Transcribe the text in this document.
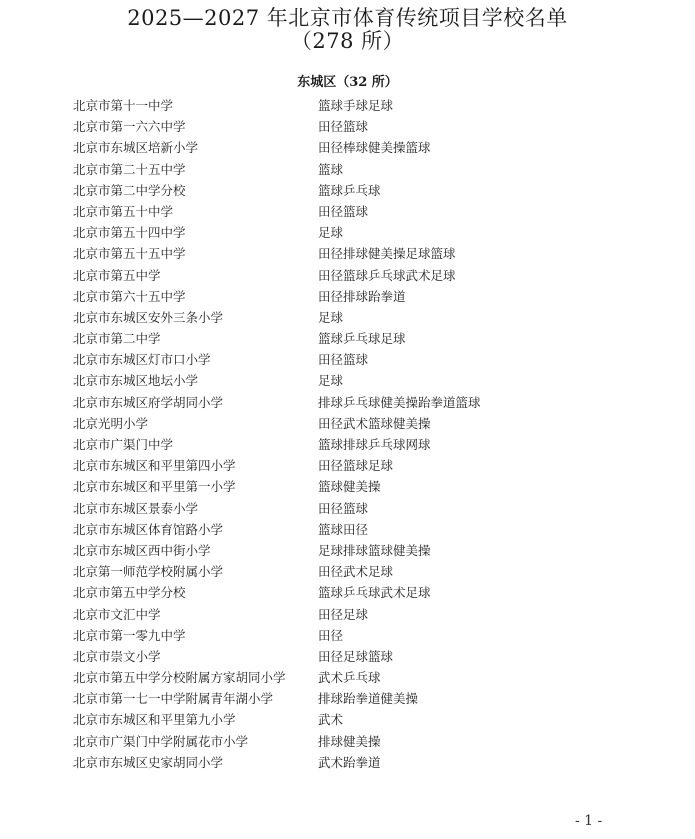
2025—2027 年北京市体育传统项目学校名单
（278 所）
东城区（32 所）
北京市第十一中学	篮球手球足球
北京市第一六六中学	田径篮球
北京市东城区培新小学	田径棒球健美操篮球
北京市第二十五中学	篮球
北京市第二中学分校	篮球乒乓球
北京市第五十中学	田径篮球
北京市第五十四中学	足球
北京市第五十五中学	田径排球健美操足球篮球
北京市第五中学	田径篮球乒乓球武术足球
北京市第六十五中学	田径排球跆拳道
北京市东城区安外三条小学	足球
北京市第二中学	篮球乒乓球足球
北京市东城区灯市口小学	田径篮球
北京市东城区地坛小学	足球
北京市东城区府学胡同小学	排球乒乓球健美操跆拳道篮球
北京光明小学	田径武术篮球健美操
北京市广渠门中学	篮球排球乒乓球网球
北京市东城区和平里第四小学	田径篮球足球
北京市东城区和平里第一小学	篮球健美操
北京市东城区景泰小学	田径篮球
北京市东城区体育馆路小学	篮球田径
北京市东城区西中街小学	足球排球篮球健美操
北京第一师范学校附属小学	田径武术足球
北京市第五中学分校	篮球乒乓球武术足球
北京市文汇中学	田径足球
北京市第一零九中学	田径
北京市崇文小学	田径足球篮球
北京市第五中学分校附属方家胡同小学	武术乒乓球
北京市第一七一中学附属青年湖小学	排球跆拳道健美操
北京市东城区和平里第九小学	武术
北京市广渠门中学附属花市小学	排球健美操
北京市东城区史家胡同小学	武术跆拳道
- 1 -
